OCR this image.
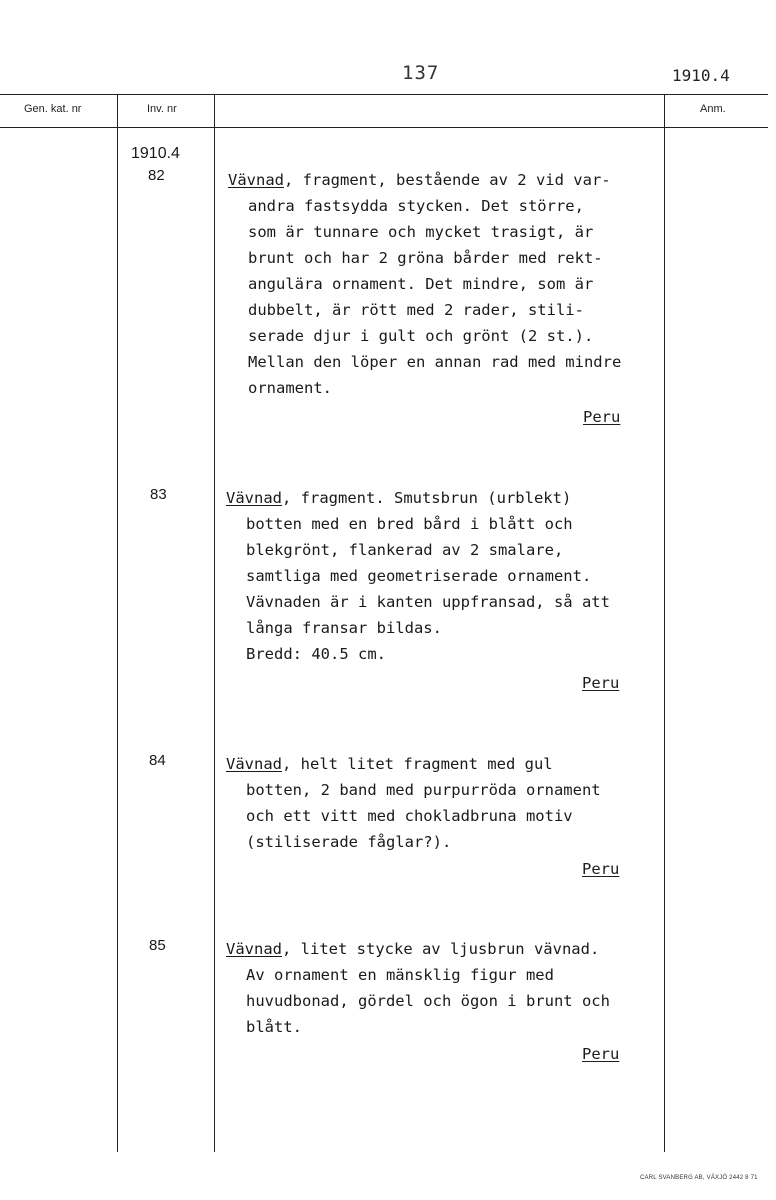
137	1910.4
Gen. kat. nr	Inv. nr	Anm.
1910.4
82	Vävnad, fragment, bestående av 2 vid var-
andra fastsydda stycken. Det större,
som är tunnare och mycket trasigt, är
brunt och har 2 gröna bårder med rekt-
angulära ornament. Det mindre, som är
dubbelt, är rött med 2 rader, stili-
serade djur i gult och grönt (2 st.).
Mellan den löper en annan rad med mindre
ornament.
Peru
83	Vävnad, fragment. Smutsbrun (urblekt)
botten med en bred bård i blått och
blekgrönt, flankerad av 2 smalare,
samtliga med geometriserade ornament.
Vävnaden är i kanten uppfransad, så att
långa fransar bildas.
Bredd: 40.5 cm.
Peru
84	Vävnad, helt litet fragment med gul
botten, 2 band med purpurröda ornament
och ett vitt med chokladbruna motiv
(stiliserade fåglar?).
Peru
85	Vävnad, litet stycke av ljusbrun vävnad.
Av ornament en mänsklig figur med
huvudbonad, gördel och ögon i brunt och
blått.
Peru
CARL SVANBERG AB, VÄXJÖ 2442 8 71
